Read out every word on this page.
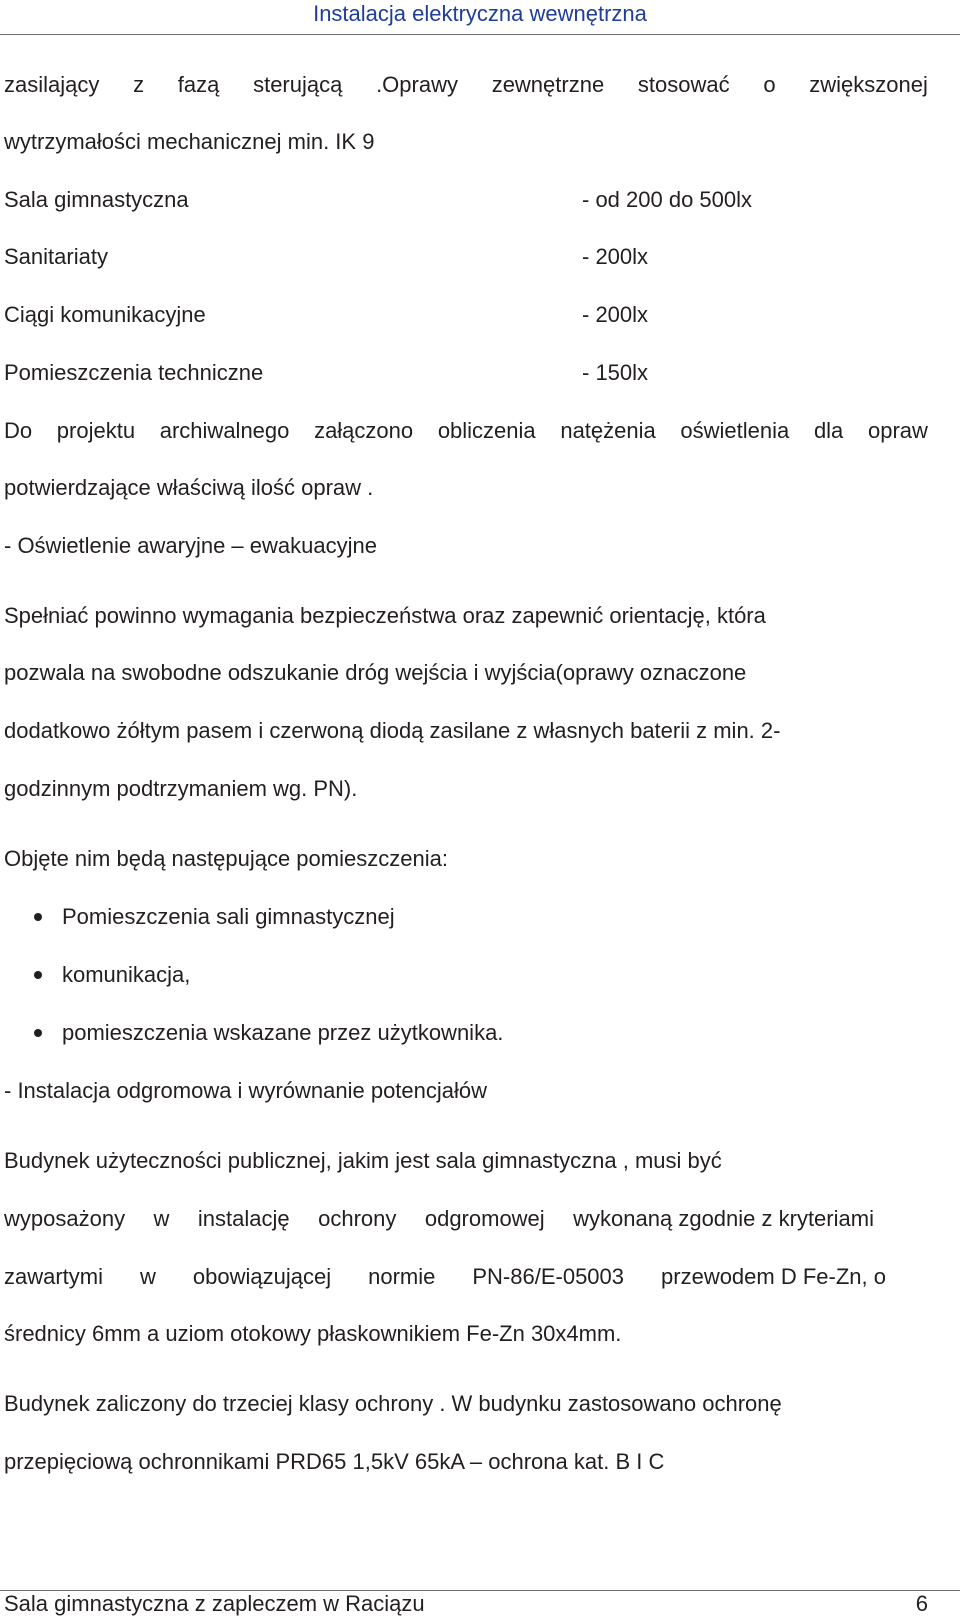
Instalacja elektryczna wewnętrzna
zasilający z fazą sterującą .Oprawy zewnętrzne stosować o zwiększonej
wytrzymałości mechanicznej min. IK 9
Sala gimnastyczna	- od 200 do 500lx
Sanitariaty	- 200lx
Ciągi komunikacyjne	- 200lx
Pomieszczenia techniczne	- 150lx
Do projektu archiwalnego załączono obliczenia natężenia oświetlenia dla opraw
potwierdzające właściwą ilość opraw .
- Oświetlenie awaryjne – ewakuacyjne
Spełniać powinno wymagania bezpieczeństwa oraz zapewnić orientację, która
pozwala na swobodne odszukanie dróg wejścia i wyjścia(oprawy oznaczone
dodatkowo żółtym pasem i czerwoną diodą zasilane z własnych baterii z min. 2-
godzinnym podtrzymaniem wg. PN).
Objęte nim będą następujące pomieszczenia:
Pomieszczenia sali gimnastycznej
komunikacja,
pomieszczenia wskazane przez użytkownika.
- Instalacja odgromowa i wyrównanie potencjałów
Budynek użyteczności publicznej, jakim jest sala gimnastyczna , musi być
wyposażony w instalację ochrony odgromowej wykonaną zgodnie z kryteriami
zawartymi w obowiązującej normie PN-86/E-05003 przewodem D Fe-Zn, o
średnicy 6mm a uziom otokowy płaskownikiem Fe-Zn 30x4mm.
Budynek zaliczony do trzeciej klasy ochrony . W budynku zastosowano ochronę
przepięciową ochronnikami PRD65 1,5kV 65kA – ochrona kat. B I C
Sala gimnastyczna z zapleczem w Raciązu	6
